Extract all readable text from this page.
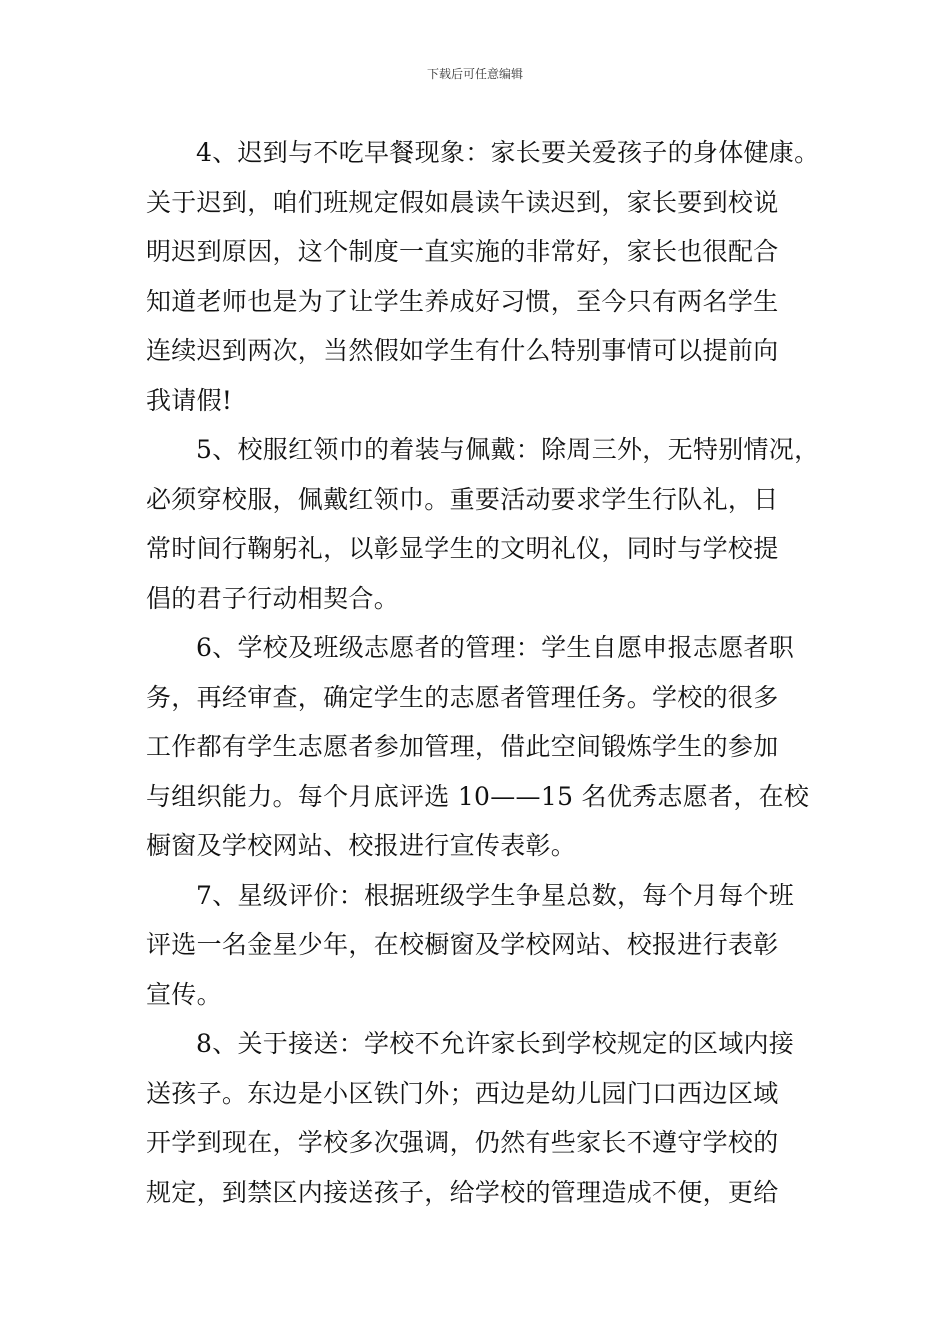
下载后可任意编辑

4、迟到与不吃早餐现象：家长要关爱孩子的身体健康。
关于迟到，咱们班规定假如晨读午读迟到，家长要到校说
明迟到原因，这个制度一直实施的非常好，家长也很配合
知道老师也是为了让学生养成好习惯，至今只有两名学生
连续迟到两次，当然假如学生有什么特别事情可以提前向
我请假!

5、校服红领巾的着装与佩戴：除周三外，无特别情况，
必须穿校服，佩戴红领巾。重要活动要求学生行队礼，日
常时间行鞠躬礼，以彰显学生的文明礼仪，同时与学校提
倡的君子行动相契合。

6、学校及班级志愿者的管理：学生自愿申报志愿者职
务，再经审查，确定学生的志愿者管理任务。学校的很多
工作都有学生志愿者参加管理，借此空间锻炼学生的参加
与组织能力。每个月底评选 10——15 名优秀志愿者，在校
橱窗及学校网站、校报进行宣传表彰。

7、星级评价：根据班级学生争星总数，每个月每个班
评选一名金星少年，在校橱窗及学校网站、校报进行表彰
宣传。

8、关于接送：学校不允许家长到学校规定的区域内接
送孩子。东边是小区铁门外；西边是幼儿园门口西边区域
开学到现在，学校多次强调，仍然有些家长不遵守学校的
规定，到禁区内接送孩子，给学校的管理造成不便，更给
